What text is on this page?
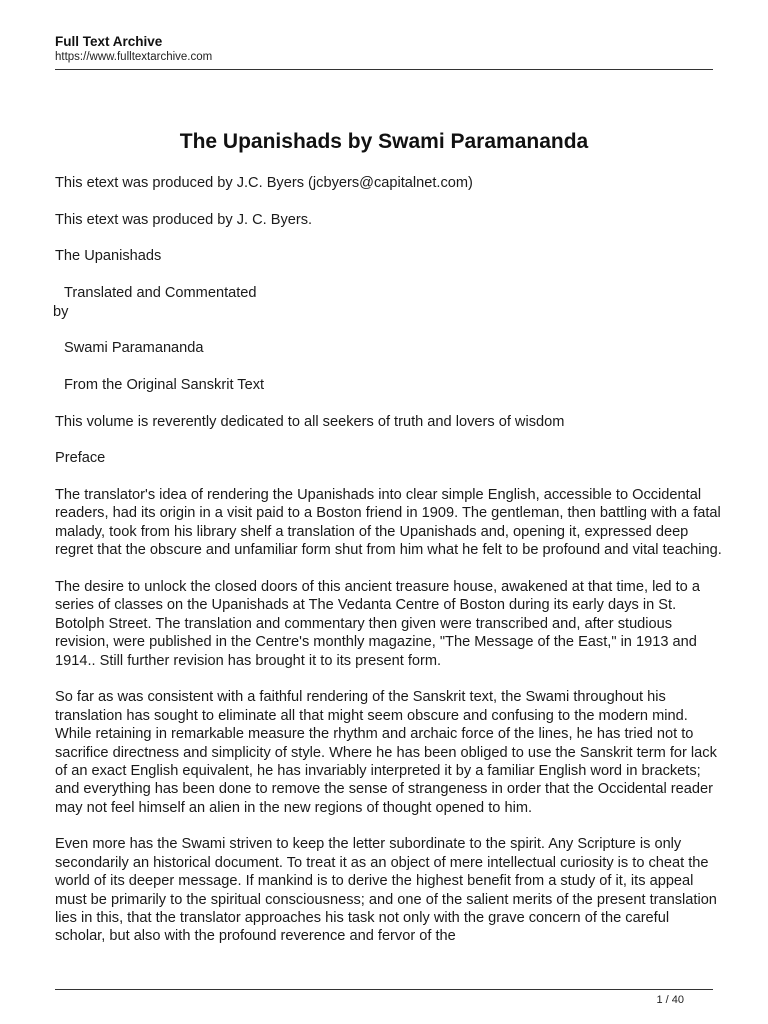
Full Text Archive
https://www.fulltextarchive.com
The Upanishads by Swami Paramananda

This etext was produced by J.C. Byers (jcbyers@capitalnet.com)

This etext was produced by J. C. Byers.

The Upanishads

Translated and Commentated

by

Swami Paramananda

From the Original Sanskrit Text

This volume is reverently dedicated to all seekers of truth and lovers of wisdom

Preface

The translator's idea of rendering the Upanishads into clear simple English, accessible to Occidental readers, had its origin in a visit paid to a Boston friend in 1909. The gentleman, then battling with a fatal malady, took from his library shelf a translation of the Upanishads and, opening it, expressed deep regret that the obscure and unfamiliar form shut from him what he felt to be profound and vital teaching.

The desire to unlock the closed doors of this ancient treasure house, awakened at that time, led to a series of classes on the Upanishads at The Vedanta Centre of Boston during its early days in St. Botolph Street. The translation and commentary then given were transcribed and, after studious revision, were published in the Centre's monthly magazine, "The Message of the East," in 1913 and 1914.. Still further revision has brought it to its present form.

So far as was consistent with a faithful rendering of the Sanskrit text, the Swami throughout his translation has sought to eliminate all that might seem obscure and confusing to the modern mind. While retaining in remarkable measure the rhythm and archaic force of the lines, he has tried not to sacrifice directness and simplicity of style. Where he has been obliged to use the Sanskrit term for lack of an exact English equivalent, he has invariably interpreted it by a familiar English word in brackets; and everything has been done to remove the sense of strangeness in order that the Occidental reader may not feel himself an alien in the new regions of thought opened to him.

Even more has the Swami striven to keep the letter subordinate to the spirit. Any Scripture is only secondarily an historical document. To treat it as an object of mere intellectual curiosity is to cheat the world of its deeper message. If mankind is to derive the highest benefit from a study of it, its appeal must be primarily to the spiritual consciousness; and one of the salient merits of the present translation lies in this, that the translator approaches his task not only with the grave concern of the careful scholar, but also with the profound reverence and fervor of the

1 / 40
